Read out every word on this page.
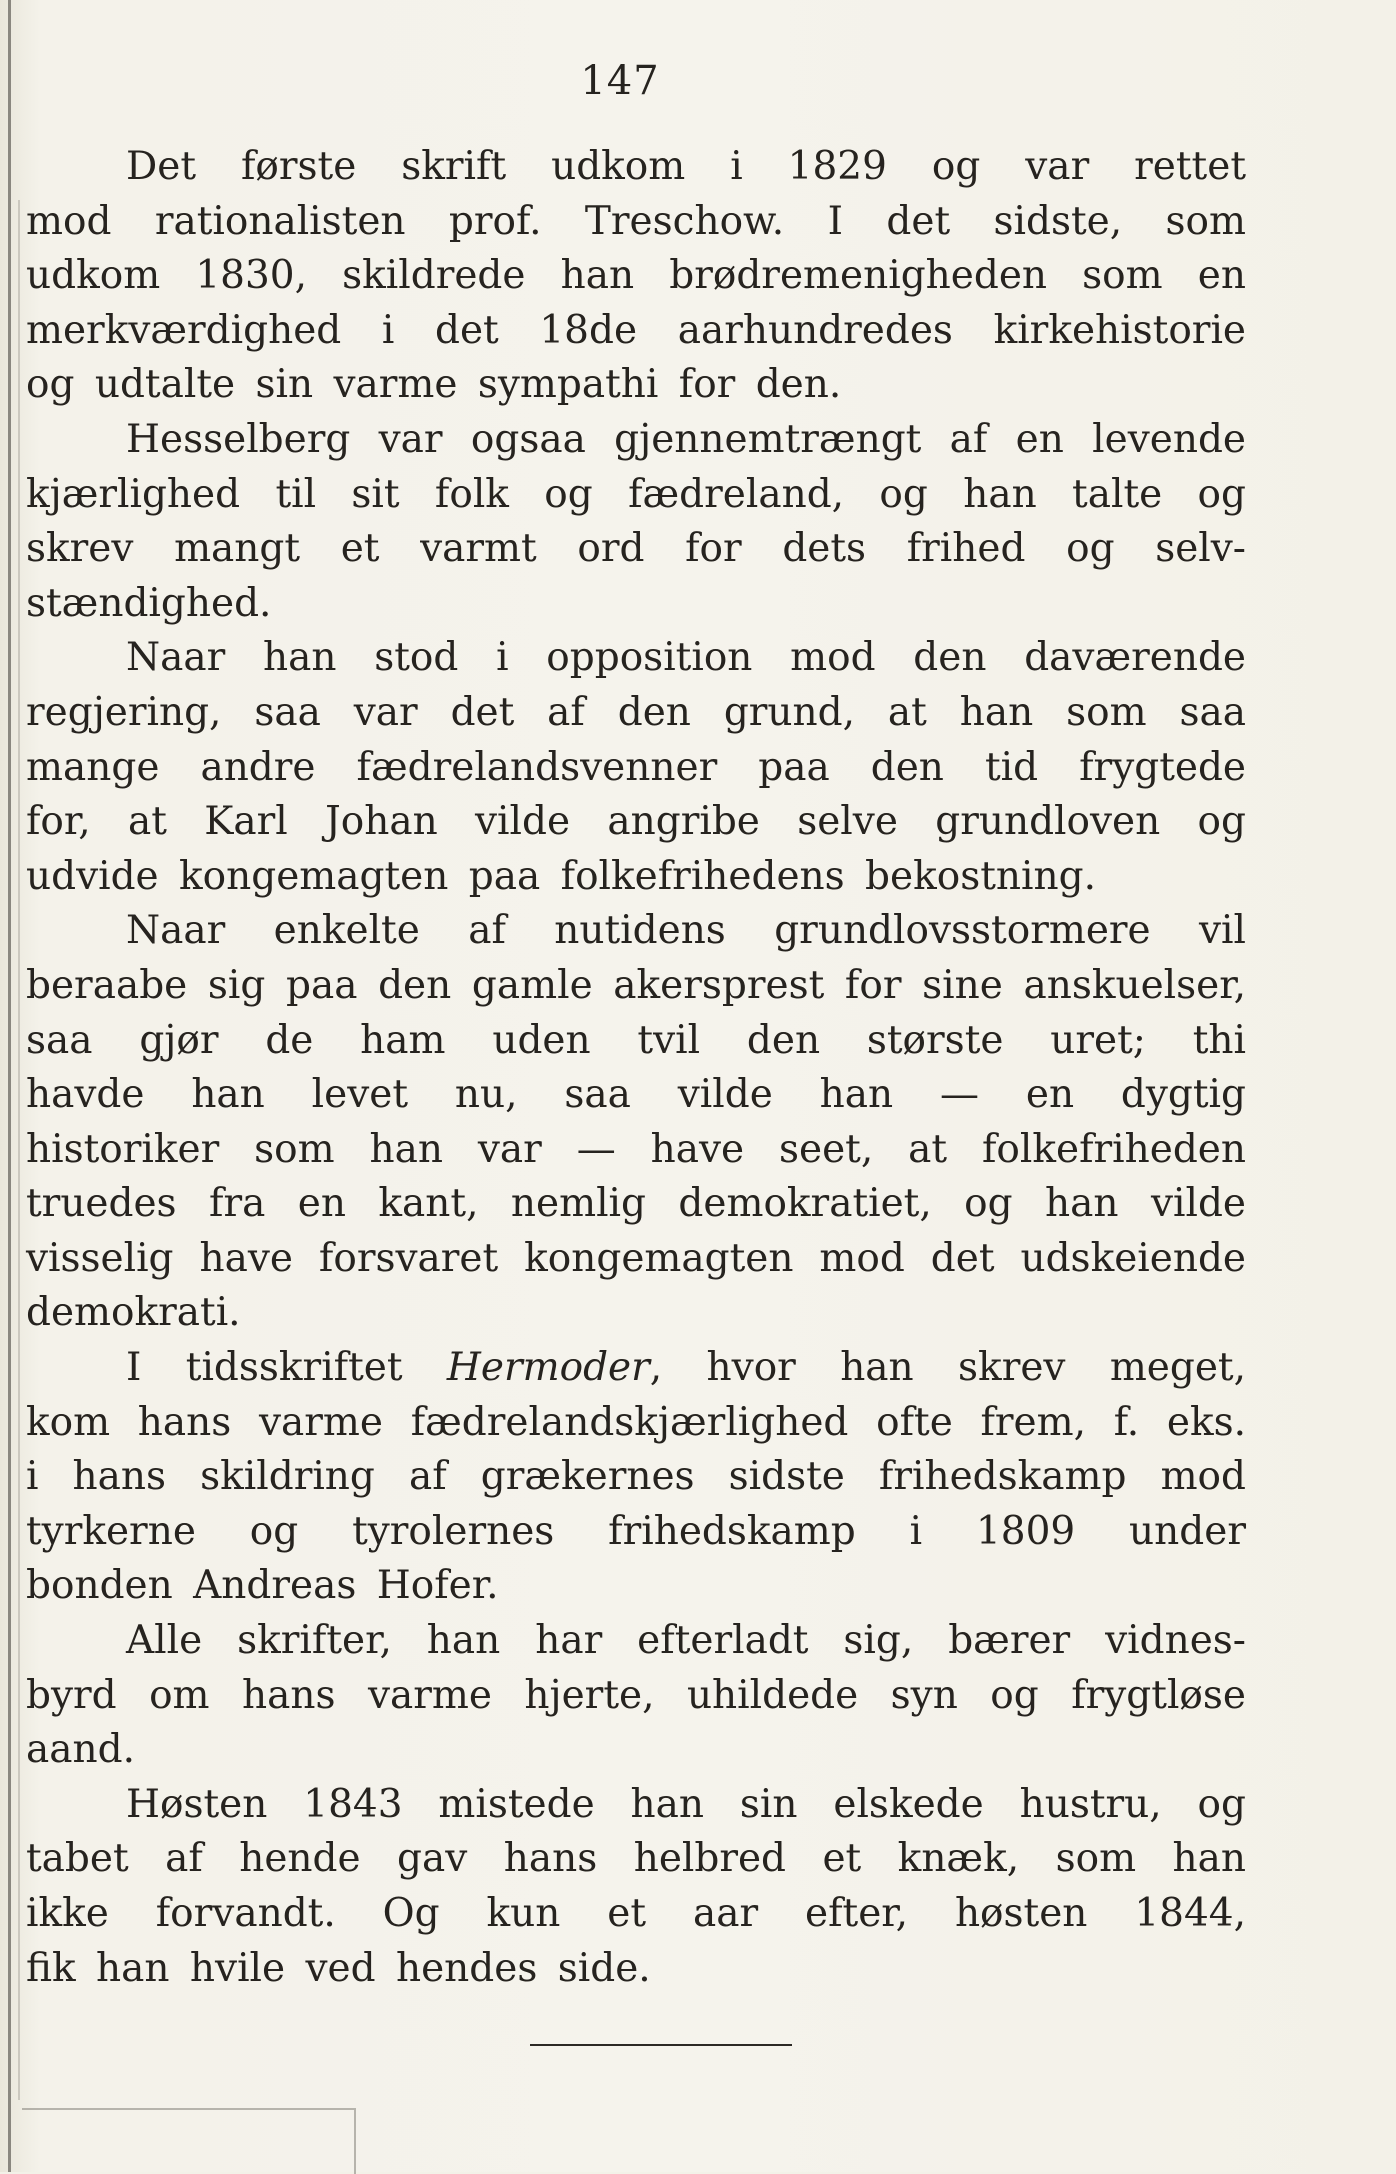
147
Det første skrift udkom i 1829 og var rettet
mod rationalisten prof. Treschow. I det sidste, som
udkom 1830, skildrede han brødremenigheden som en
merkværdighed i det 18de aarhundredes kirkehistorie
og udtalte sin varme sympathi for den.
Hesselberg var ogsaa gjennemtrængt af en levende
kjærlighed til sit folk og fædreland, og han talte og
skrev mangt et varmt ord for dets frihed og selv-
stændighed.
Naar han stod i opposition mod den daværende
regjering, saa var det af den grund, at han som saa
mange andre fædrelandsvenner paa den tid frygtede
for, at Karl Johan vilde angribe selve grundloven og
udvide kongemagten paa folkefrihedens bekostning.
Naar enkelte af nutidens grundlovsstormere vil
beraabe sig paa den gamle akersprest for sine anskuelser,
saa gjør de ham uden tvil den største uret; thi
havde han levet nu, saa vilde han — en dygtig
historiker som han var — have seet, at folkefriheden
truedes fra en kant, nemlig demokratiet, og han vilde
visselig have forsvaret kongemagten mod det udskeiende
demokrati.
I tidsskriftet Hermoder, hvor han skrev meget,
kom hans varme fædrelandskjærlighed ofte frem, f. eks.
i hans skildring af grækernes sidste frihedskamp mod
tyrkerne og tyrolernes frihedskamp i 1809 under
bonden Andreas Hofer.
Alle skrifter, han har efterladt sig, bærer vidnes-
byrd om hans varme hjerte, uhildede syn og frygtløse
aand.
Høsten 1843 mistede han sin elskede hustru, og
tabet af hende gav hans helbred et knæk, som han
ikke forvandt. Og kun et aar efter, høsten 1844,
fik han hvile ved hendes side.
